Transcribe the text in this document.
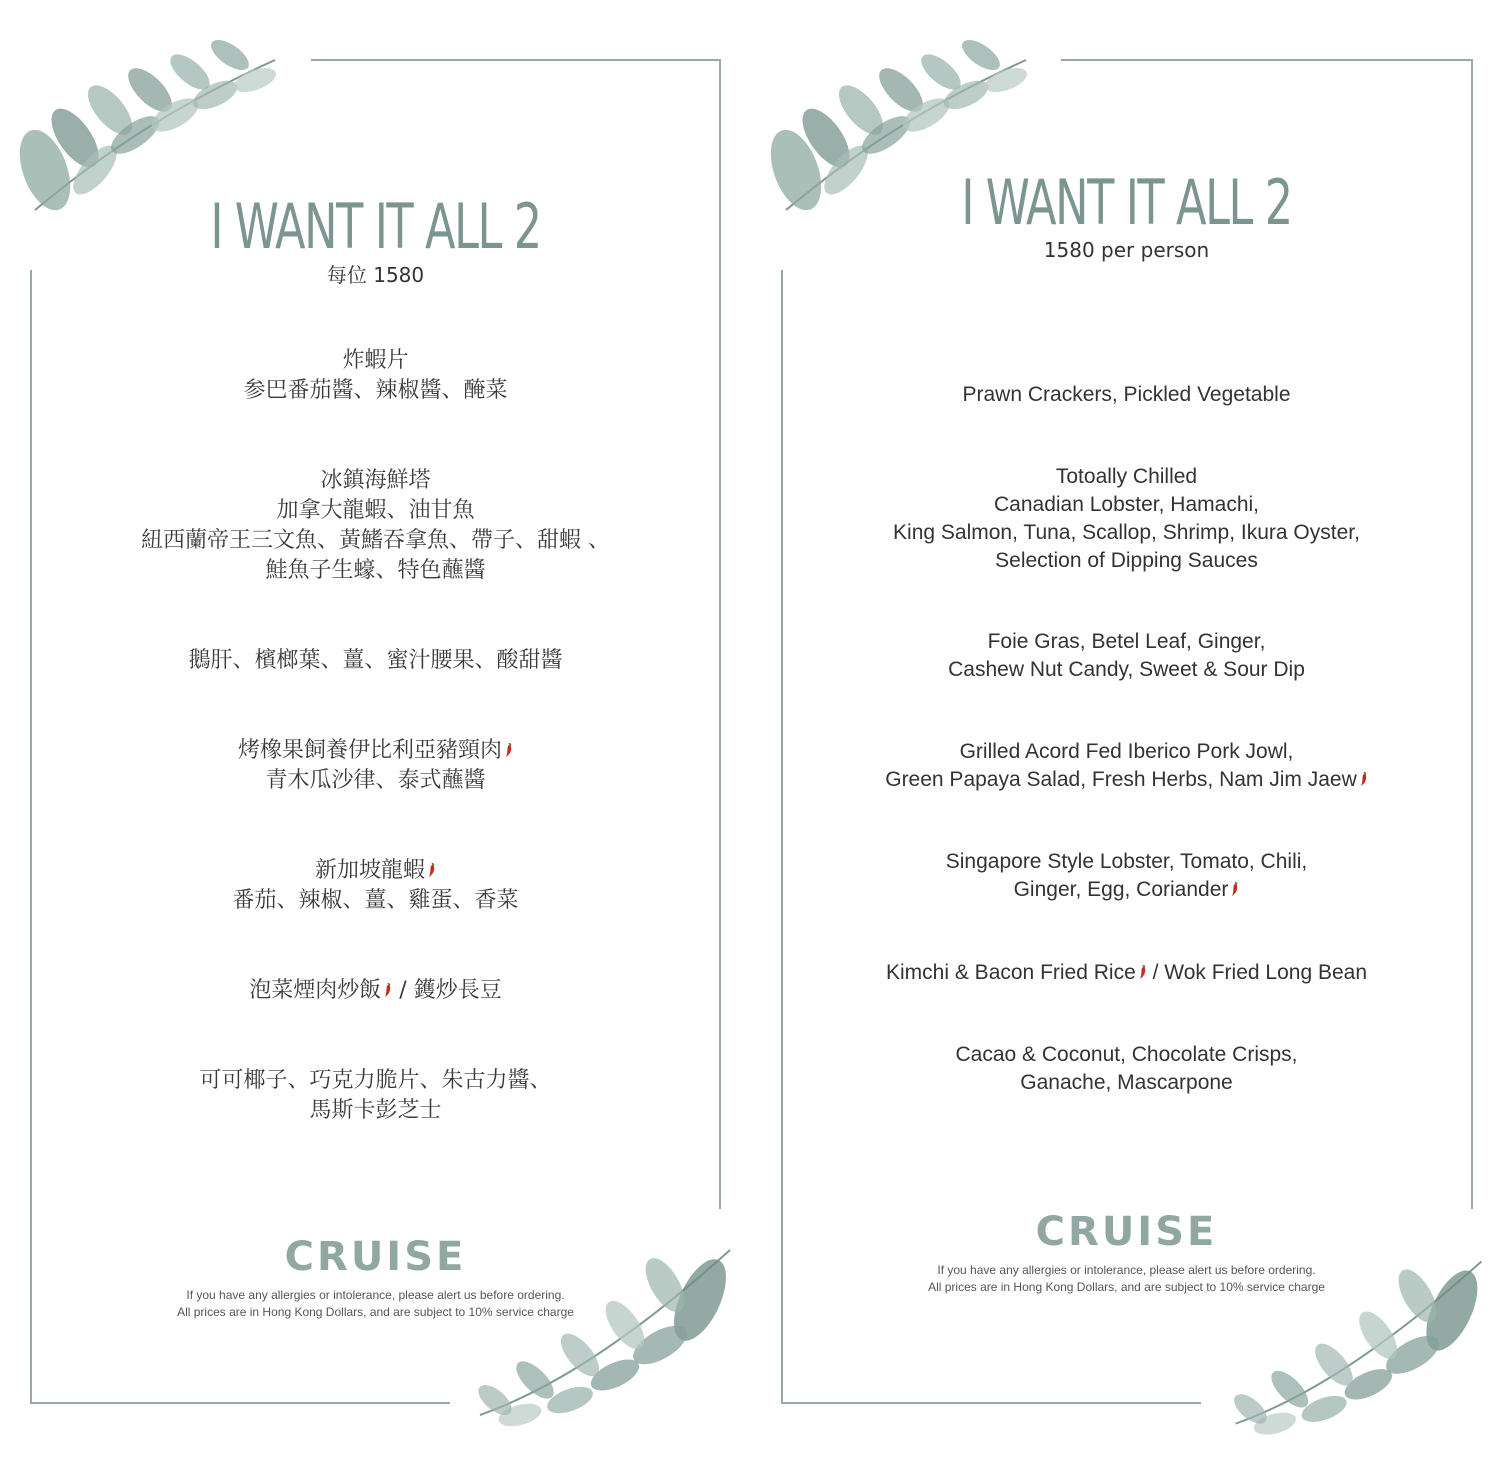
I WANT IT ALL 2
每位 1580
炸蝦片
参巴番茄醬、辣椒醬、醃菜
冰鎮海鮮塔
加拿大龍蝦、油甘魚
紐西蘭帝王三文魚、黃鰭吞拿魚、帶子、甜蝦 、
鮭魚子生蠔、特色蘸醬
鵝肝、檳榔葉、薑、蜜汁腰果、酸甜醬
烤橡果飼養伊比利亞豬頸肉
青木瓜沙律、泰式蘸醬
新加坡龍蝦
番茄、辣椒、薑、雞蛋、香菜
泡菜煙肉炒飯 / 鑊炒長豆
可可椰子、巧克力脆片、朱古力醬、
馬斯卡彭芝士
CRUISE
If you have any allergies or intolerance, please alert us before ordering.
All prices are in Hong Kong Dollars, and are subject to 10% service charge
I WANT IT ALL 2
1580 per person
Prawn Crackers, Pickled Vegetable
Totoally Chilled
Canadian Lobster, Hamachi,
King Salmon, Tuna, Scallop, Shrimp, Ikura Oyster,
Selection of Dipping Sauces
Foie Gras, Betel Leaf, Ginger,
Cashew Nut Candy, Sweet & Sour Dip
Grilled Acord Fed Iberico Pork Jowl,
Green Papaya Salad, Fresh Herbs, Nam Jim Jaew
Singapore Style Lobster, Tomato, Chili,
Ginger, Egg, Coriander
Kimchi & Bacon Fried Rice / Wok Fried Long Bean
Cacao & Coconut, Chocolate Crisps,
Ganache, Mascarpone
CRUISE
If you have any allergies or intolerance, please alert us before ordering.
All prices are in Hong Kong Dollars, and are subject to 10% service charge
